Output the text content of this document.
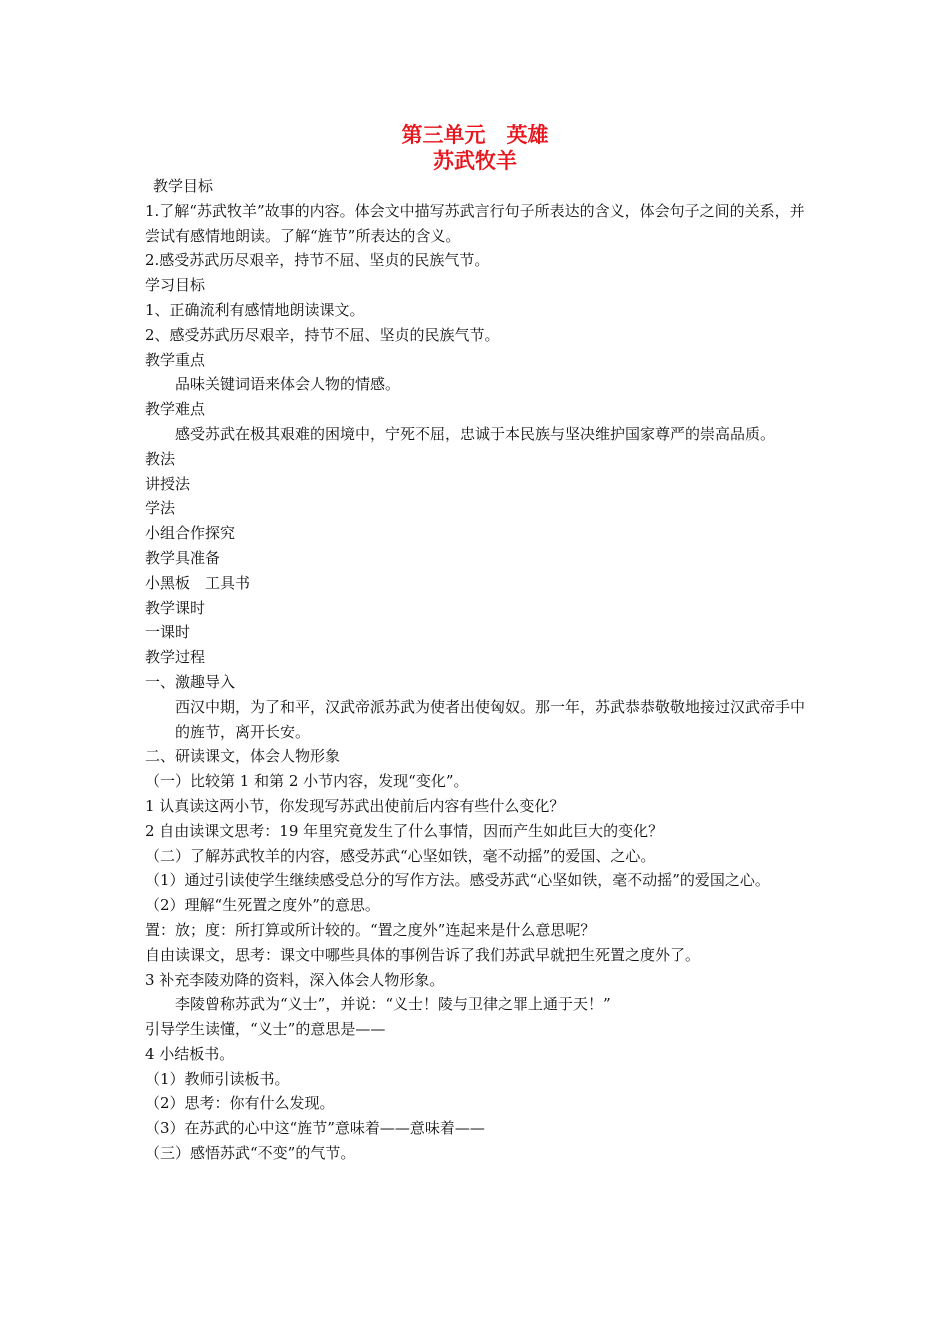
第三单元　英雄
苏武牧羊

教学目标

1.了解“苏武牧羊”故事的内容。体会文中描写苏武言行句子所表达的含义，体会句子之间的关系，并尝试有感情地朗读。了解“旌节”所表达的含义。

2.感受苏武历尽艰辛，持节不屈、坚贞的民族气节。

学习目标

1、正确流利有感情地朗读课文。

2、感受苏武历尽艰辛，持节不屈、坚贞的民族气节。

教学重点

品味关键词语来体会人物的情感。

教学难点

感受苏武在极其艰难的困境中，宁死不屈，忠诚于本民族与坚决维护国家尊严的崇高品质。

教法

讲授法

学法

小组合作探究

教学具准备

小黑板　工具书

教学课时

一课时

教学过程

一、激趣导入

西汉中期，为了和平，汉武帝派苏武为使者出使匈奴。那一年，苏武恭恭敬敬地接过汉武帝手中的旌节，离开长安。

二、研读课文，体会人物形象

（一）比较第 1 和第 2 小节内容，发现“变化”。

1 认真读这两小节，你发现写苏武出使前后内容有些什么变化？

2 自由读课文思考：19 年里究竟发生了什么事情，因而产生如此巨大的变化？

（二）了解苏武牧羊的内容，感受苏武“心坚如铁，毫不动摇”的爱国、之心。

（1）通过引读使学生继续感受总分的写作方法。感受苏武“心坚如铁，毫不动摇”的爱国之心。

（2）理解“生死置之度外”的意思。

置：放；度：所打算或所计较的。“置之度外”连起来是什么意思呢？

自由读课文，思考：课文中哪些具体的事例告诉了我们苏武早就把生死置之度外了。

3 补充李陵劝降的资料，深入体会人物形象。

李陵曾称苏武为“义士”，并说：“义士！陵与卫律之罪上通于天！”

引导学生读懂，“义士”的意思是——

4 小结板书。

（1）教师引读板书。

（2）思考：你有什么发现。

（3）在苏武的心中这“旌节”意味着——意味着——

（三）感悟苏武“不变”的气节。
